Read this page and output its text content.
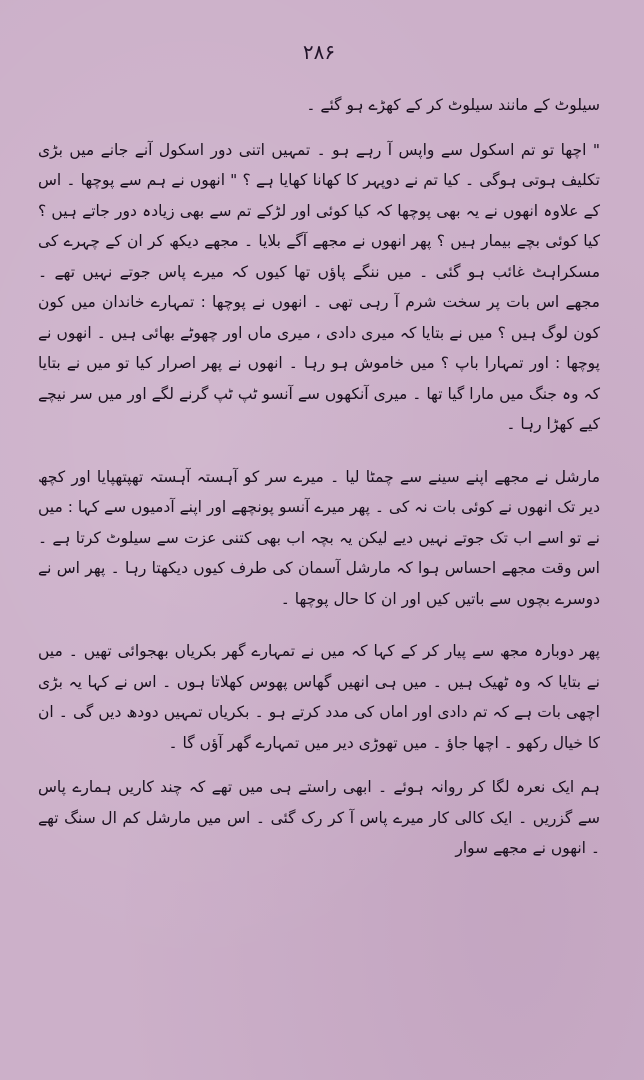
۲۸۶

سیلوٹ کے مانند سیلوٹ کر کے کھڑے ہو گئے ۔

" اچھا تو تم اسکول سے واپس آ رہے ہو ۔ تمہیں اتنی دور اسکول آنے جانے میں بڑی تکلیف ہوتی ہوگی ۔ کیا تم نے دوپہر کا کھانا کھایا ہے ؟ " انھوں نے ہم سے پوچھا ۔ اس کے علاوہ انھوں نے یہ بھی پوچھا کہ کیا کوئی اور لڑکے تم سے بھی زیادہ دور جاتے ہیں ؟ کیا کوئی بچے بیمار ہیں ؟ پھر انھوں نے مجھے آگے بلایا ۔ مجھے دیکھ کر ان کے چہرے کی مسکراہٹ غائب ہو گئی ۔ میں ننگے پاؤں تھا کیوں کہ میرے پاس جوتے نہیں تھے ۔ مجھے اس بات پر سخت شرم آ رہی تھی ۔ انھوں نے پوچھا : تمہارے خاندان میں کون کون لوگ ہیں ؟ میں نے بتایا کہ میری دادی ، میری ماں اور چھوٹے بھائی ہیں ۔ انھوں نے پوچھا : اور تمہارا باپ ؟ میں خاموش ہو رہا ۔ انھوں نے پھر اصرار کیا تو میں نے بتایا کہ وہ جنگ میں مارا گیا تھا ۔ میری آنکھوں سے آنسو ٹپ ٹپ گرنے لگے اور میں سر نیچے کیے کھڑا رہا ۔

مارشل نے مجھے اپنے سینے سے چمٹا لیا ۔ میرے سر کو آہستہ آہستہ تھپتھپایا اور کچھ دیر تک انھوں نے کوئی بات نہ کی ۔ پھر میرے آنسو پونچھے اور اپنے آدمیوں سے کہا : میں نے تو اسے اب تک جوتے نہیں دیے لیکن یہ بچہ اب بھی کتنی عزت سے سیلوٹ کرتا ہے ۔ اس وقت مجھے احساس ہوا کہ مارشل آسمان کی طرف کیوں دیکھتا رہا ۔ پھر اس نے دوسرے بچوں سے باتیں کیں اور ان کا حال پوچھا ۔

پھر دوبارہ مجھ سے پیار کر کے کہا کہ میں نے تمہارے گھر بکریاں بھجوائی تھیں ۔ میں نے بتایا کہ وہ ٹھیک ہیں ۔ میں ہی انھیں گھاس پھوس کھلاتا ہوں ۔ اس نے کہا یہ بڑی اچھی بات ہے کہ تم دادی اور اماں کی مدد کرتے ہو ۔ بکریاں تمہیں دودھ دیں گی ۔ ان کا خیال رکھو ۔ اچھا جاؤ ۔ میں تھوڑی دیر میں تمہارے گھر آؤں گا ۔

ہم ایک نعرہ لگا کر روانہ ہوئے ۔ ابھی راستے ہی میں تھے کہ چند کاریں ہمارے پاس سے گزریں ۔ ایک کالی کار میرے پاس آ کر رک گئی ۔ اس میں مارشل کم ال سنگ تھے ۔ انھوں نے مجھے سوار
